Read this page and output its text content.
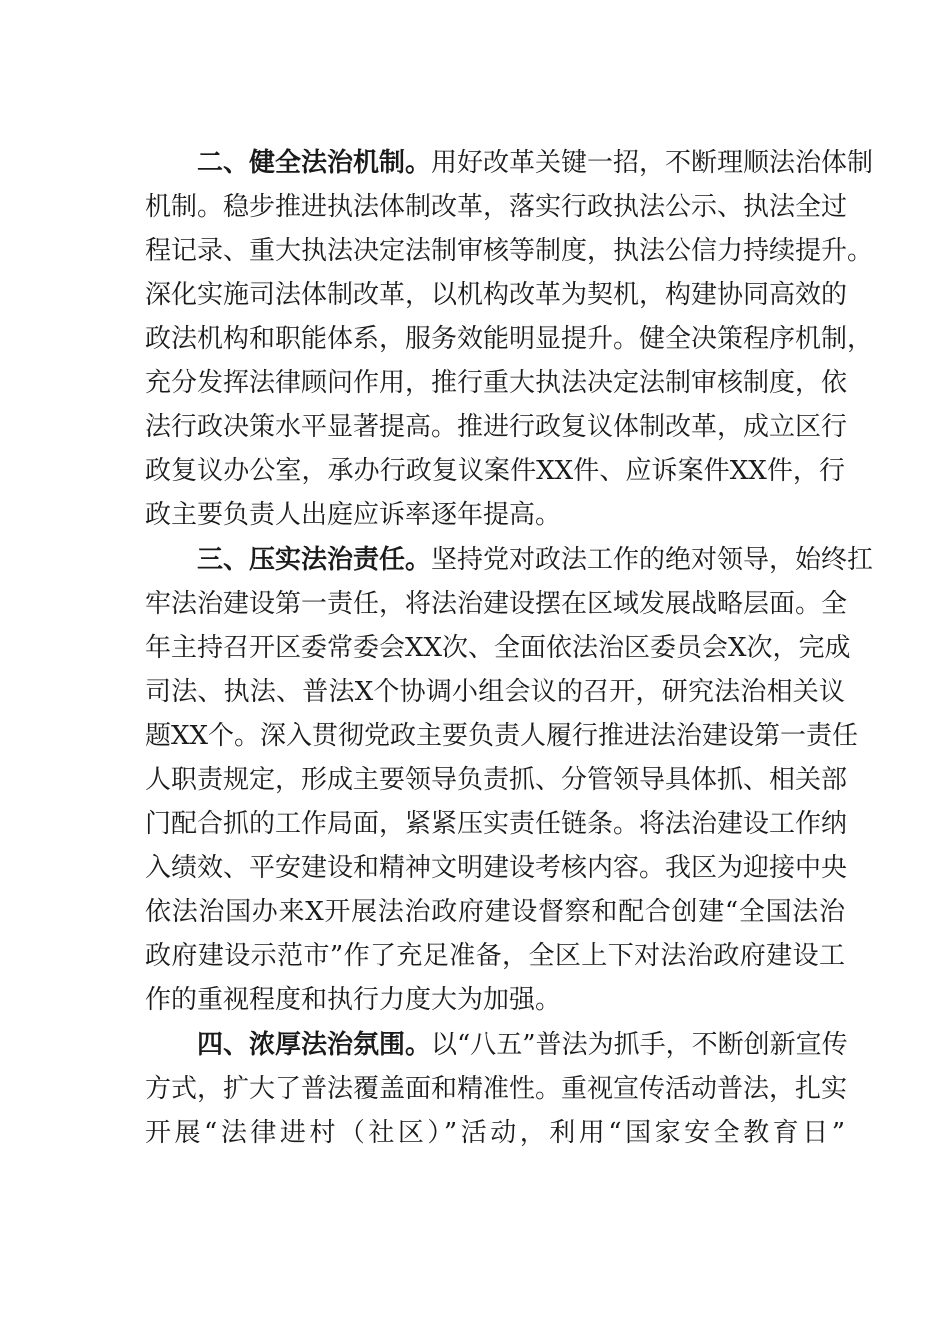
二、健全法治机制。用好改革关键一招，不断理顺法治体制
机制。稳步推进执法体制改革，落实行政执法公示、执法全过
程记录、重大执法决定法制审核等制度，执法公信力持续提升。
深化实施司法体制改革，以机构改革为契机，构建协同高效的
政法机构和职能体系，服务效能明显提升。健全决策程序机制，
充分发挥法律顾问作用，推行重大执法决定法制审核制度，依
法行政决策水平显著提高。推进行政复议体制改革，成立区行
政复议办公室，承办行政复议案件XX件、应诉案件XX件，行
政主要负责人出庭应诉率逐年提高。
三、压实法治责任。坚持党对政法工作的绝对领导，始终扛
牢法治建设第一责任，将法治建设摆在区域发展战略层面。全
年主持召开区委常委会XX次、全面依法治区委员会X次，完成
司法、执法、普法X个协调小组会议的召开，研究法治相关议
题XX个。深入贯彻党政主要负责人履行推进法治建设第一责任
人职责规定，形成主要领导负责抓、分管领导具体抓、相关部
门配合抓的工作局面，紧紧压实责任链条。将法治建设工作纳
入绩效、平安建设和精神文明建设考核内容。我区为迎接中央
依法治国办来X开展法治政府建设督察和配合创建“全国法治
政府建设示范市”作了充足准备，全区上下对法治政府建设工
作的重视程度和执行力度大为加强。
四、浓厚法治氛围。以“八五”普法为抓手，不断创新宣传
方式，扩大了普法覆盖面和精准性。重视宣传活动普法，扎实
开展“法律进村（社区）”活动，利用“国家安全教育日”
